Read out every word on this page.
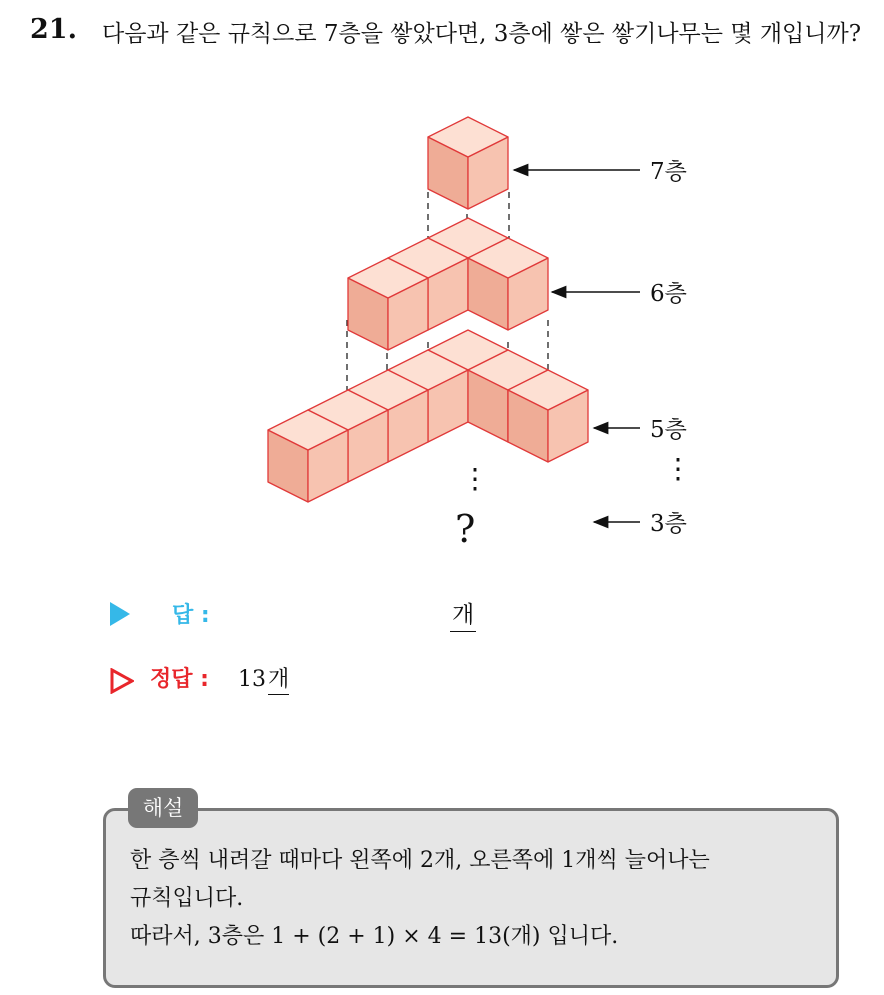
21. 다음과 같은 규칙으로 7층을 쌓았다면, 3층에 쌓은 쌓기나무는 몇 개입니까?
7층
6층
5층
3층
⋮	⋮
?
답 :	개
정답 : 13개
해설
한 층씩 내려갈 때마다 왼쪽에 2개, 오른쪽에 1개씩 늘어나는
규칙입니다.
따라서, 3층은 1 + (2 + 1) × 4 = 13(개) 입니다.
